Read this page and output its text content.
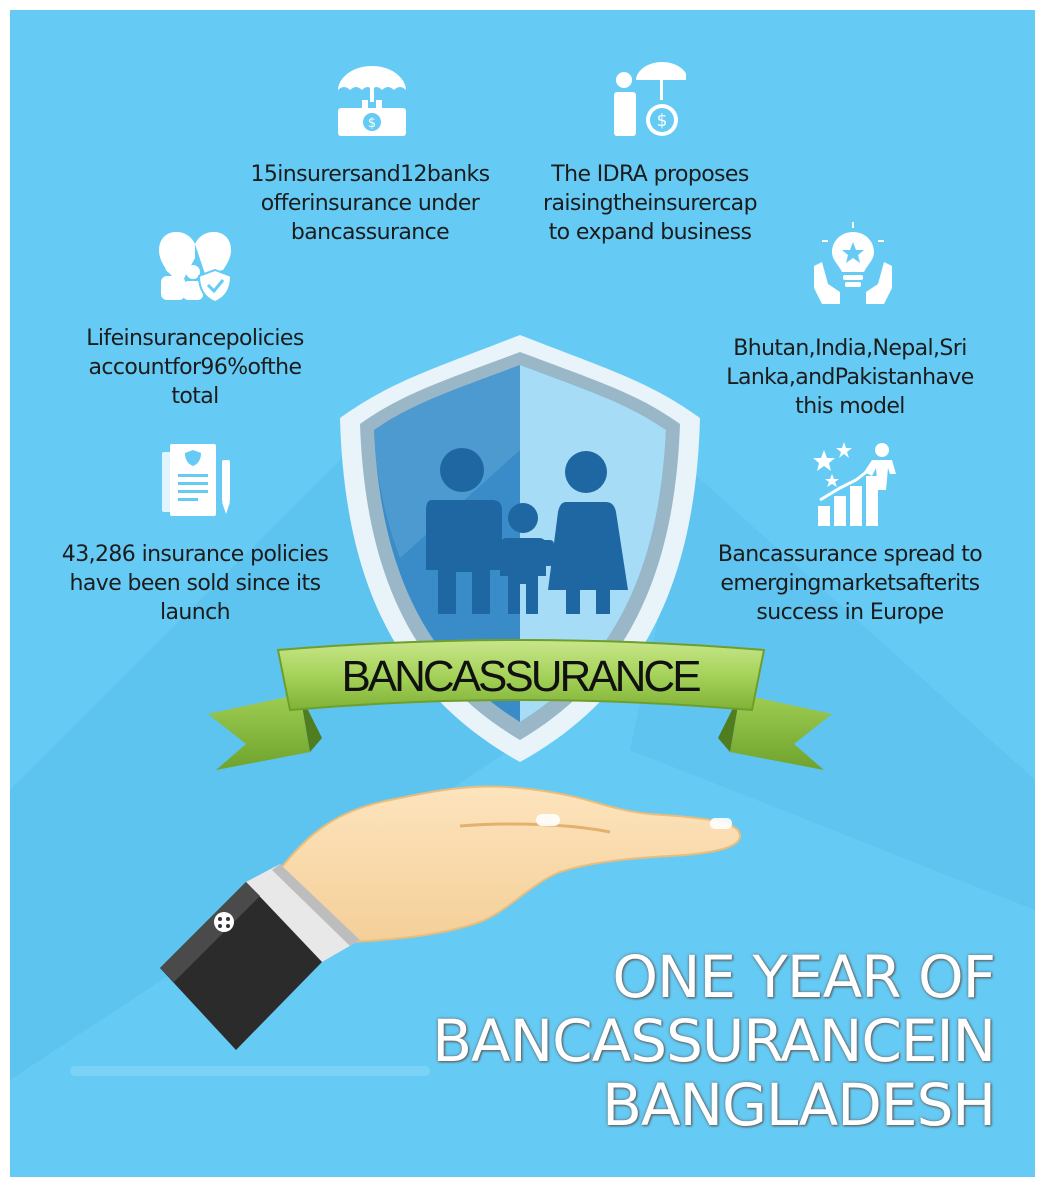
$	$
15insurersand12banks
offerinsurance under
bancassurance
The IDRA proposes
raisingtheinsurercap
to expand business
Lifeinsurancepolicies
accountfor96%ofthe
total
Bhutan,India,Nepal,Sri
Lanka,andPakistanhave
this model
43,286 insurance policies
have been sold since its
launch
Bancassurance spread to
emergingmarketsafterits
success in Europe
BANCASSURANCE
ONE YEAR OF
BANCASSURANCEIN
BANGLADESH
